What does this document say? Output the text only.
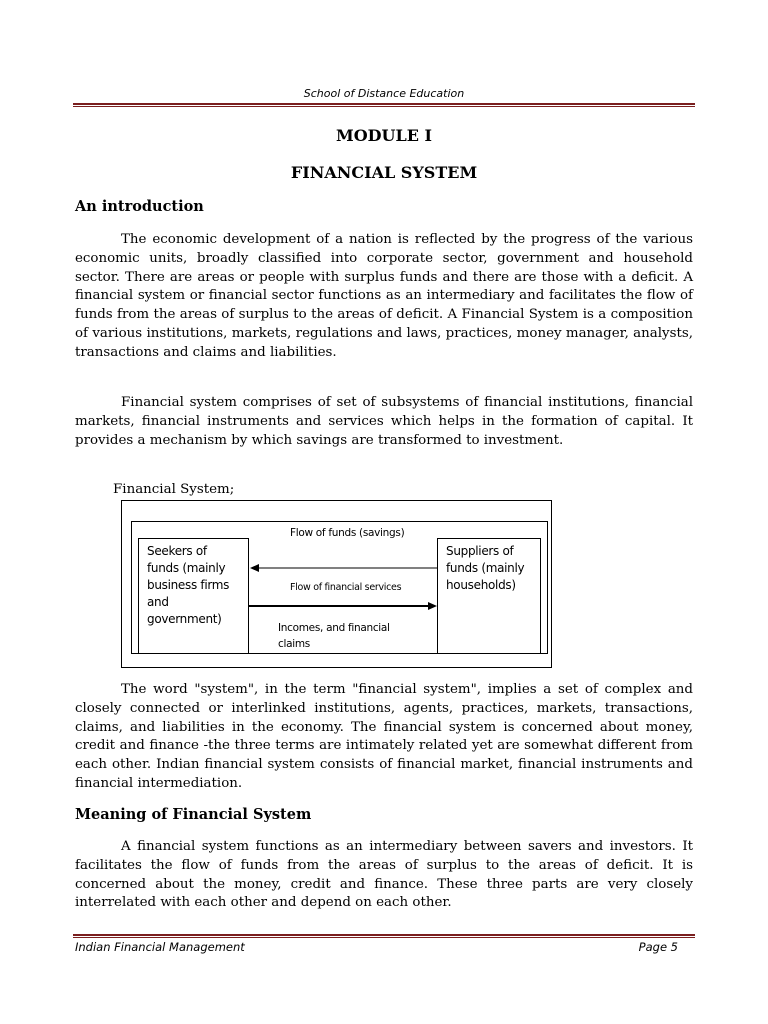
School of Distance Education
MODULE I
FINANCIAL SYSTEM
An introduction
The economic development of a nation is reflected by the progress of the various economic units, broadly classified into corporate sector, government and household sector. There are areas or people with surplus funds and there are those with a deficit. A financial system or financial sector functions as an intermediary and facilitates the flow of funds from the areas of surplus to the areas of deficit. A Financial System is a composition of various institutions, markets, regulations and laws, practices, money manager, analysts, transactions and claims and liabilities.
Financial system comprises of set of subsystems of financial institutions, financial markets, financial instruments and services which helps in the formation of capital. It provides a mechanism by which savings are transformed to investment.
Financial System;
Seekers of funds (mainly business firms and government)
Suppliers of funds (mainly households)
Flow of funds (savings)
Flow of financial services
Incomes, and financial claims
The word "system", in the term "financial system", implies a set of complex and closely connected or interlinked institutions, agents, practices, markets, transactions, claims, and liabilities in the economy. The financial system is concerned about money, credit and finance -the three terms are intimately related yet are somewhat different from each other. Indian financial system consists of financial market, financial instruments and financial intermediation.
Meaning of Financial System
A financial system functions as an intermediary between savers and investors. It facilitates the flow of funds from the areas of surplus to the areas of deficit. It is concerned about the money, credit and finance. These three parts are very closely interrelated with each other and depend on each other.
Indian Financial Management	Page 5
